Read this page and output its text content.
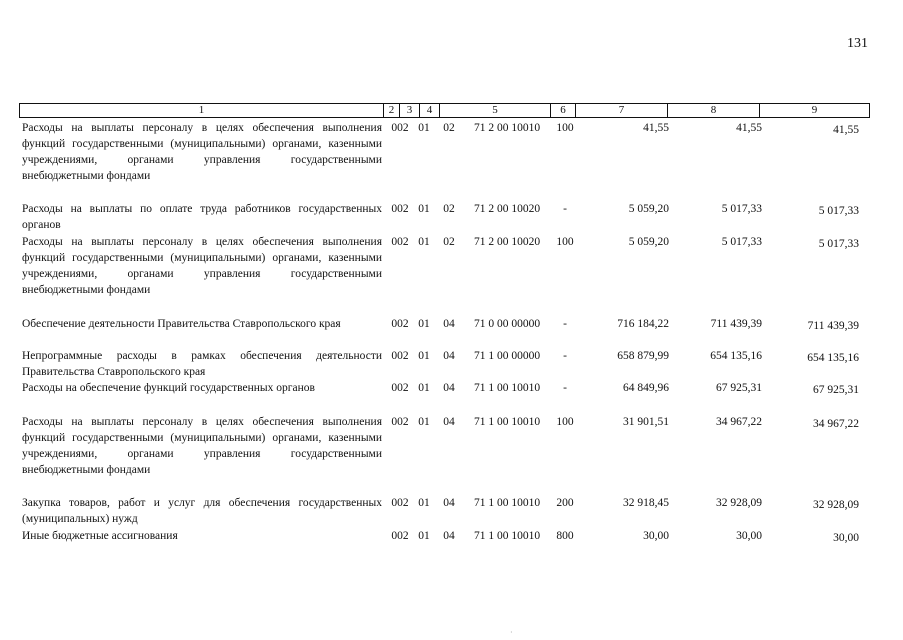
131
1	2	3	4	5	6	7	8	9
Расходы на выплаты персоналу в целях обеспечения выполнения функций государственными (муниципальными) органами, казенными учреждениями, органами управления государственными внебюджетными фондами
002 01	02	71 2 00 10010	100	41,55	41,55	41,55
Расходы на выплаты по оплате труда работников государственных органов
002 01	02	71 2 00 10020	-	5 059,20	5 017,33	5 017,33
Расходы на выплаты персоналу в целях обеспечения выполнения функций государственными (муниципальными) органами, казенными учреждениями, органами управления государственными внебюджетными фондами
002 01	02	71 2 00 10020	100	5 059,20	5 017,33	5 017,33
Обеспечение деятельности Правительства Ставропольского края	002 01	04	71 0 00 00000	-	716 184,22	711 439,39	711 439,39
Непрограммные расходы в рамках обеспечения деятельности Правительства Ставропольского края
002 01	04	71 1 00 00000	-	658 879,99	654 135,16	654 135,16
Расходы на обеспечение функций государственных органов	002 01	04	71 1 00 10010	-	64 849,96	67 925,31	67 925,31
Расходы на выплаты персоналу в целях обеспечения выполнения функций государственными (муниципальными) органами, казенными учреждениями, органами управления государственными внебюджетными фондами
002 01	04	71 1 00 10010	100	31 901,51	34 967,22	34 967,22
Закупка товаров, работ и услуг для обеспечения государственных (муниципальных) нужд
002 01	04	71 1 00 10010	200	32 918,45	32 928,09	32 928,09
Иные бюджетные ассигнования	002 01	04	71 1 00 10010	800	30,00	30,00	30,00
·
